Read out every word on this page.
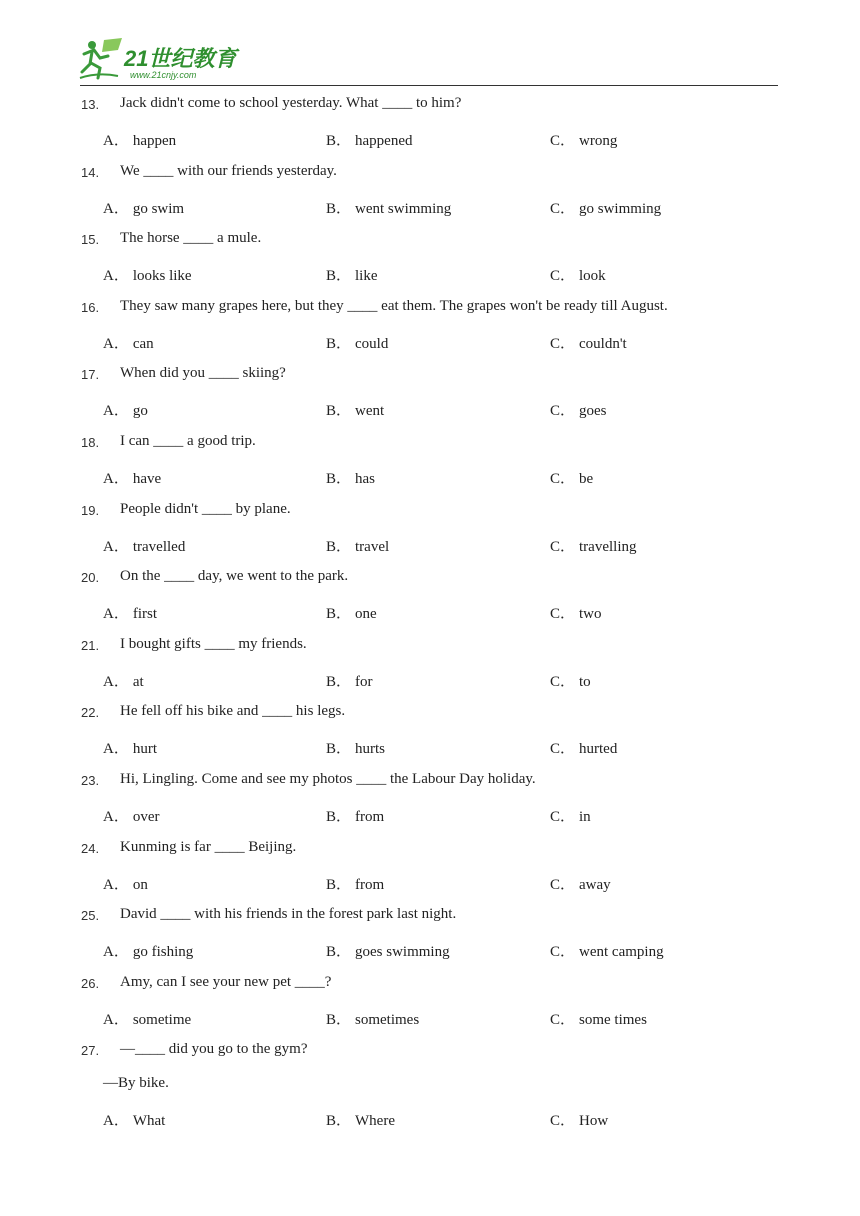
21世纪教育
www.21cnjy.com
13. Jack didn't come to school yesterday. What ____ to him?
A． happen	B． happened	C． wrong
14. We ____ with our friends yesterday.
A． go swim	B． went swimming	C． go swimming
15. The horse ____ a mule.
A． looks like	B． like	C． look
16. They saw many grapes here, but they ____ eat them. The grapes won't be ready till August.
A． can	B． could	C． couldn't
17. When did you ____ skiing?
A． go	B． went	C． goes
18. I can ____ a good trip.
A． have	B． has	C． be
19. People didn't ____ by plane.
A． travelled	B． travel	C． travelling
20. On the ____ day, we went to the park.
A． first	B． one	C． two
21. I bought gifts ____ my friends.
A． at	B． for	C． to
22. He fell off his bike and ____ his legs.
A． hurt	B． hurts	C． hurted
23. Hi, Lingling. Come and see my photos ____ the Labour Day holiday.
A． over	B． from	C． in
24. Kunming is far ____ Beijing.
A． on	B． from	C． away
25. David ____ with his friends in the forest park last night.
A． go fishing	B． goes swimming	C． went camping
26. Amy, can I see your new pet ____?
A． sometime	B． sometimes	C． some times
27. —____ did you go to the gym?
—By bike.
A． What	B． Where	C． How
